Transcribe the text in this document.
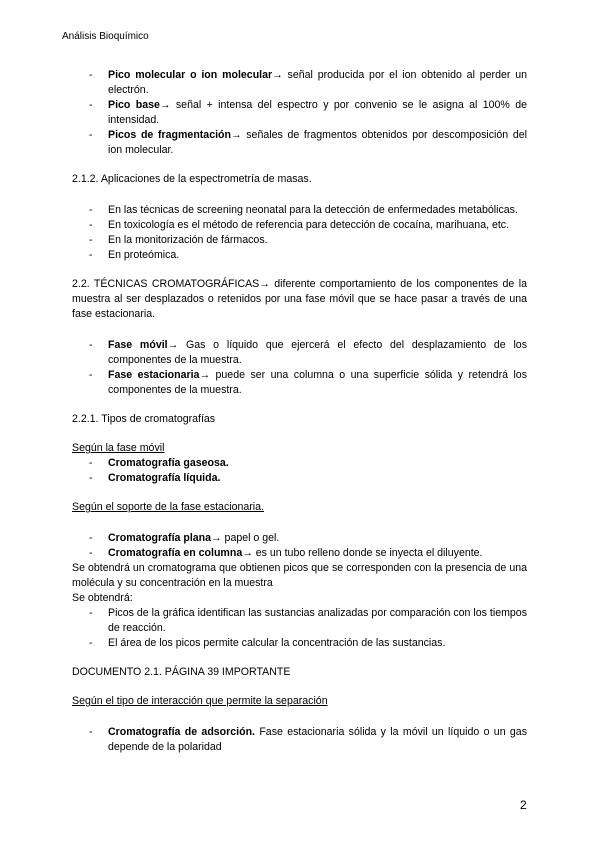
Análisis Bioquímico
- Pico molecular o ion molecular→ señal producida por el ion obtenido al perder un electrón.
- Pico base→ señal + intensa del espectro y por convenio se le asigna al 100% de intensidad.
- Picos de fragmentación→ señales de fragmentos obtenidos por descomposición del ion molecular.

2.1.2. Aplicaciones de la espectrometría de masas.

- En las técnicas de screening neonatal para la detección de enfermedades metabólicas.
- En toxicología es el método de referencia para detección de cocaína, marihuana, etc.
- En la monitorización de fármacos.
- En proteómica.

2.2. TÉCNICAS CROMATOGRÁFICAS→ diferente comportamiento de los componentes de la muestra al ser desplazados o retenidos por una fase móvil que se hace pasar a través de una fase estacionaria.

- Fase móvil→ Gas o líquido que ejercerá el efecto del desplazamiento de los componentes de la muestra.
- Fase estacionaria→ puede ser una columna o una superficie sólida y retendrá los componentes de la muestra.

2.2.1. Tipos de cromatografías

Según la fase móvil

- Cromatografía gaseosa.
- Cromatografía líquida.

Según el soporte de la fase estacionaria.

- Cromatografía plana→ papel o gel.
- Cromatografía en columna→ es un tubo relleno donde se inyecta el diluyente.

Se obtendrá un cromatograma que obtienen picos que se corresponden con la presencia de una molécula y su concentración en la muestra

Se obtendrá:

- Picos de la gráfica identifican las sustancias analizadas por comparación con los tiempos de reacción.
- El área de los picos permite calcular la concentración de las sustancias.

DOCUMENTO 2.1. PÁGINA 39 IMPORTANTE

Según el tipo de interacción que permite la separación

- Cromatografía de adsorción. Fase estacionaria sólida y la móvil un líquido o un gas depende de la polaridad
2
